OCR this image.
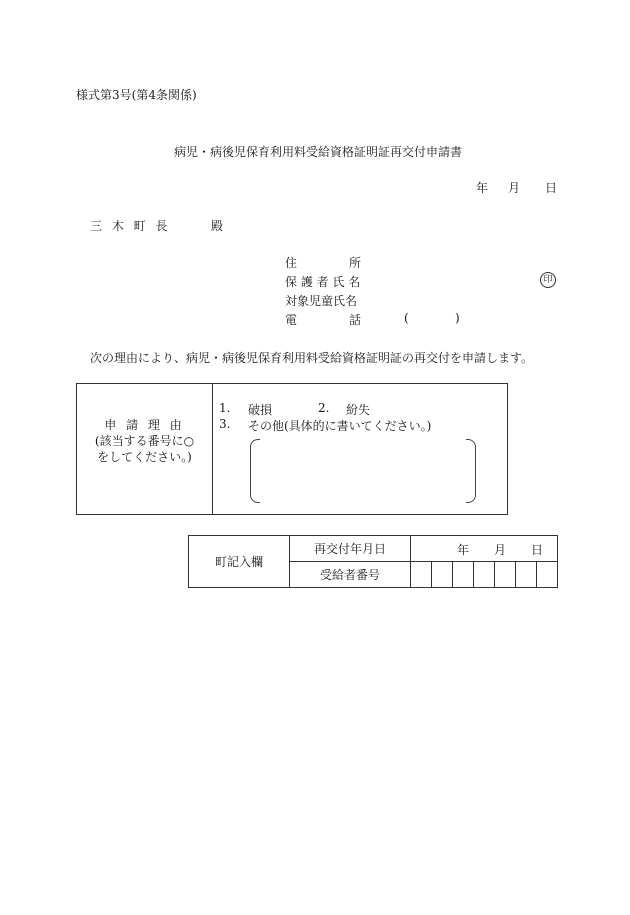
様式第3号(第4条関係)
病児・病後児保育利用料受給資格証明証再交付申請書
年 月 日
三 木 町 長	殿
住　　　所
保 護 者 氏 名	印
対象児童氏名
電　　　話	(	)
次の理由により、病児・病後児保育利用料受給資格証明証の再交付を申請します。
申 請 理 由
(該当する番号に○
をしてください。)
1. 破損	2. 紛失
3. その他(具体的に書いてください。)
町記入欄	再交付年月日	年 月 日						

	受給者番号							
